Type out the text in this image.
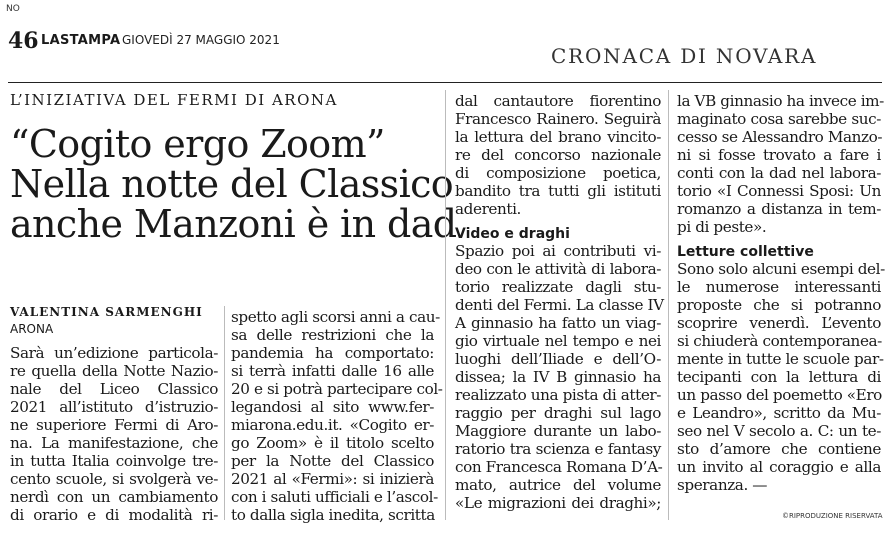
NO
46 LASTAMPA GIOVEDÌ 27 MAGGIO 2021
CRONACA DI NOVARA
L’INIZIATIVA DEL FERMI DI ARONA
“Cogito ergo Zoom”
Nella notte del Classico
anche Manzoni è in dad
VALENTINA SARMENGHI
ARONA
Sarà un’edizione particola-
re quella della Notte Nazio-
nale del Liceo Classico
2021 all’istituto d’istruzio-
ne superiore Fermi di Aro-
na. La manifestazione, che
in tutta Italia coinvolge tre-
cento scuole, si svolgerà ve-
nerdì con un cambiamento
di orario e di modalità ri-
spetto agli scorsi anni a cau-
sa delle restrizioni che la
pandemia ha comportato:
si terrà infatti dalle 16 alle
20 e si potrà partecipare col-
legandosi al sito www.fer-
miarona.edu.it. «Cogito er-
go Zoom» è il titolo scelto
per la Notte del Classico
2021 al «Fermi»: si inizierà
con i saluti ufficiali e l’ascol-
to dalla sigla inedita, scritta
dal cantautore fiorentino
Francesco Rainero. Seguirà
la lettura del brano vincito-
re del concorso nazionale
di composizione poetica,
bandito tra tutti gli istituti
aderenti.
Video e draghi
Spazio poi ai contributi vi-
deo con le attività di labora-
torio realizzate dagli stu-
denti del Fermi. La classe IV
A ginnasio ha fatto un viag-
gio virtuale nel tempo e nei
luoghi dell’Iliade e dell’O-
dissea; la IV B ginnasio ha
realizzato una pista di atter-
raggio per draghi sul lago
Maggiore durante un labo-
ratorio tra scienza e fantasy
con Francesca Romana D’A-
mato, autrice del volume
«Le migrazioni dei draghi»;
la VB ginnasio ha invece im-
maginato cosa sarebbe suc-
cesso se Alessandro Manzo-
ni si fosse trovato a fare i
conti con la dad nel labora-
torio «I Connessi Sposi: Un
romanzo a distanza in tem-
pi di peste».
Letture collettive
Sono solo alcuni esempi del-
le numerose interessanti
proposte che si potranno
scoprire venerdì. L’evento
si chiuderà contemporanea-
mente in tutte le scuole par-
tecipanti con la lettura di
un passo del poemetto «Ero
e Leandro», scritto da Mu-
seo nel V secolo a. C: un te-
sto d’amore che contiene
un invito al coraggio e alla
speranza. —
©RIPRODUZIONE RISERVATA
